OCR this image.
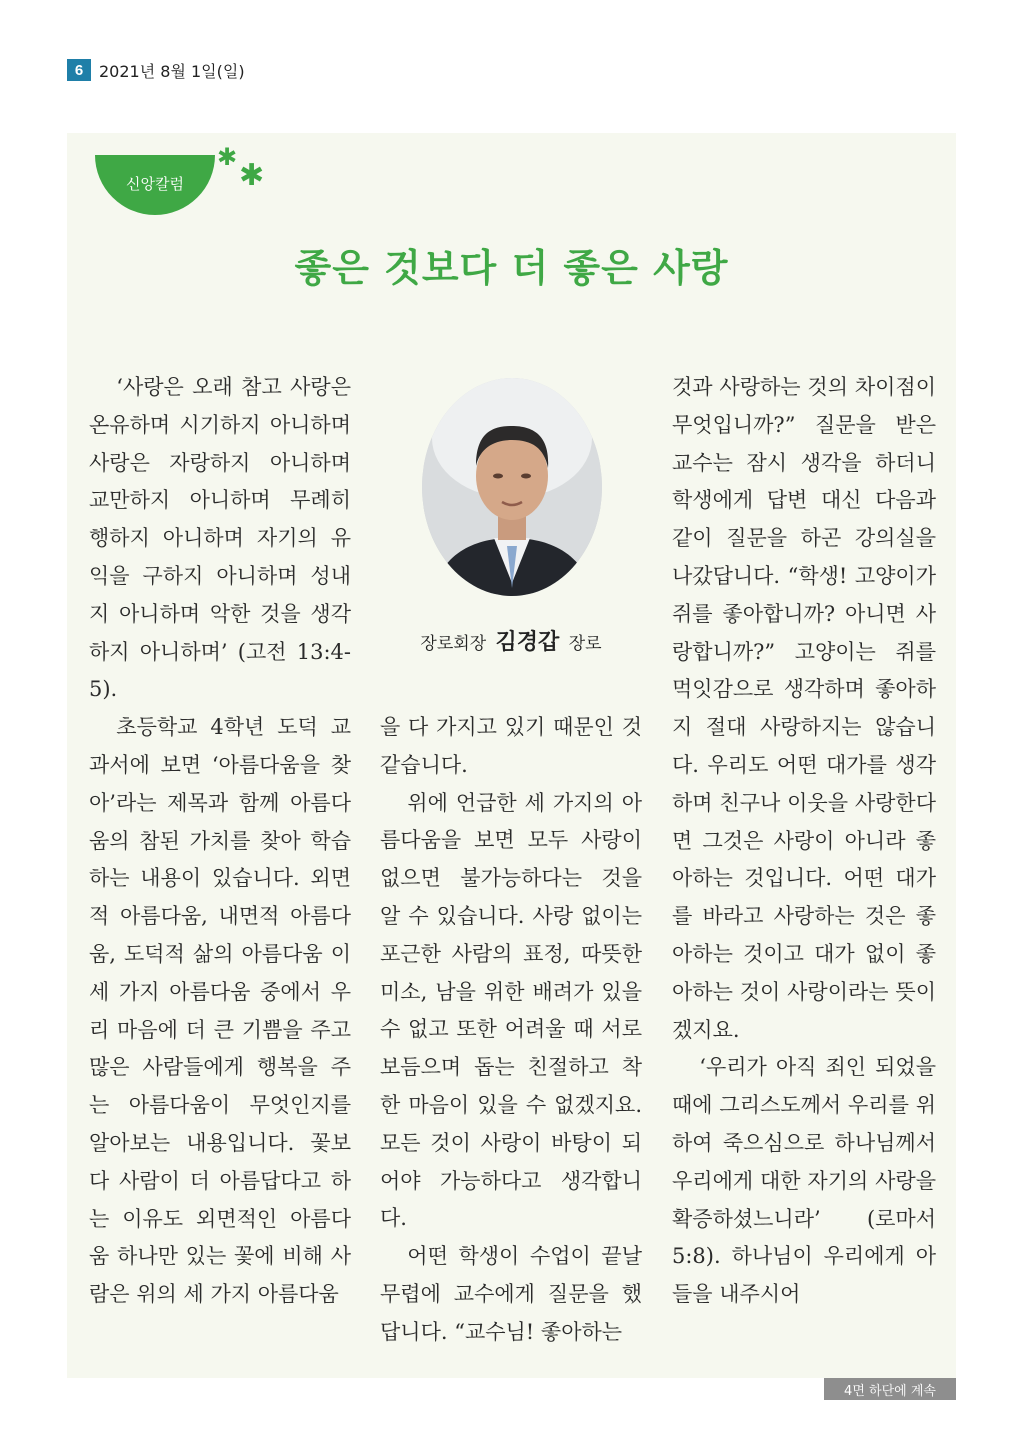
6 2021년 8월 1일(일)
신앙칼럼
✱
✱
좋은 것보다 더 좋은 사랑

‘사랑은 오래 참고 사랑은 온유하며 시기하지 아니하며 사랑은 자랑하지 아니하며 교만하지 아니하며 무례히 행하지 아니하며 자기의 유익을 구하지 아니하며 성내지 아니하며 악한 것을 생각하지 아니하며’ (고전 13:4-5).

초등학교 4학년 도덕 교과서에 보면 ‘아름다움을 찾아’라는 제목과 함께 아름다움의 참된 가치를 찾아 학습하는 내용이 있습니다. 외면적 아름다움, 내면적 아름다움, 도덕적 삶의 아름다움 이 세 가지 아름다움 중에서 우리 마음에 더 큰 기쁨을 주고 많은 사람들에게 행복을 주는 아름다움이 무엇인지를 알아보는 내용입니다. 꽃보다 사람이 더 아름답다고 하는 이유도 외면적인 아름다움 하나만 있는 꽃에 비해 사람은 위의 세 가지 아름다움

장로회장 김경갑 장로

을 다 가지고 있기 때문인 것 같습니다.

위에 언급한 세 가지의 아름다움을 보면 모두 사랑이 없으면 불가능하다는 것을 알 수 있습니다. 사랑 없이는 포근한 사람의 표정, 따뜻한 미소, 남을 위한 배려가 있을 수 없고 또한 어려울 때 서로 보듬으며 돕는 친절하고 착한 마음이 있을 수 없겠지요. 모든 것이 사랑이 바탕이 되어야 가능하다고 생각합니다.

어떤 학생이 수업이 끝날 무렵에 교수에게 질문을 했답니다. “교수님! 좋아하는

것과 사랑하는 것의 차이점이 무엇입니까?” 질문을 받은 교수는 잠시 생각을 하더니 학생에게 답변 대신 다음과 같이 질문을 하곤 강의실을 나갔답니다. “학생! 고양이가 쥐를 좋아합니까? 아니면 사랑합니까?” 고양이는 쥐를 먹잇감으로 생각하며 좋아하지 절대 사랑하지는 않습니다. 우리도 어떤 대가를 생각하며 친구나 이웃을 사랑한다면 그것은 사랑이 아니라 좋아하는 것입니다. 어떤 대가를 바라고 사랑하는 것은 좋아하는 것이고 대가 없이 좋아하는 것이 사랑이라는 뜻이겠지요.

‘우리가 아직 죄인 되었을 때에 그리스도께서 우리를 위하여 죽으심으로 하나님께서 우리에게 대한 자기의 사랑을 확증하셨느니라’ (로마서 5:8). 하나님이 우리에게 아들을 내주시어

4면 하단에 계속
